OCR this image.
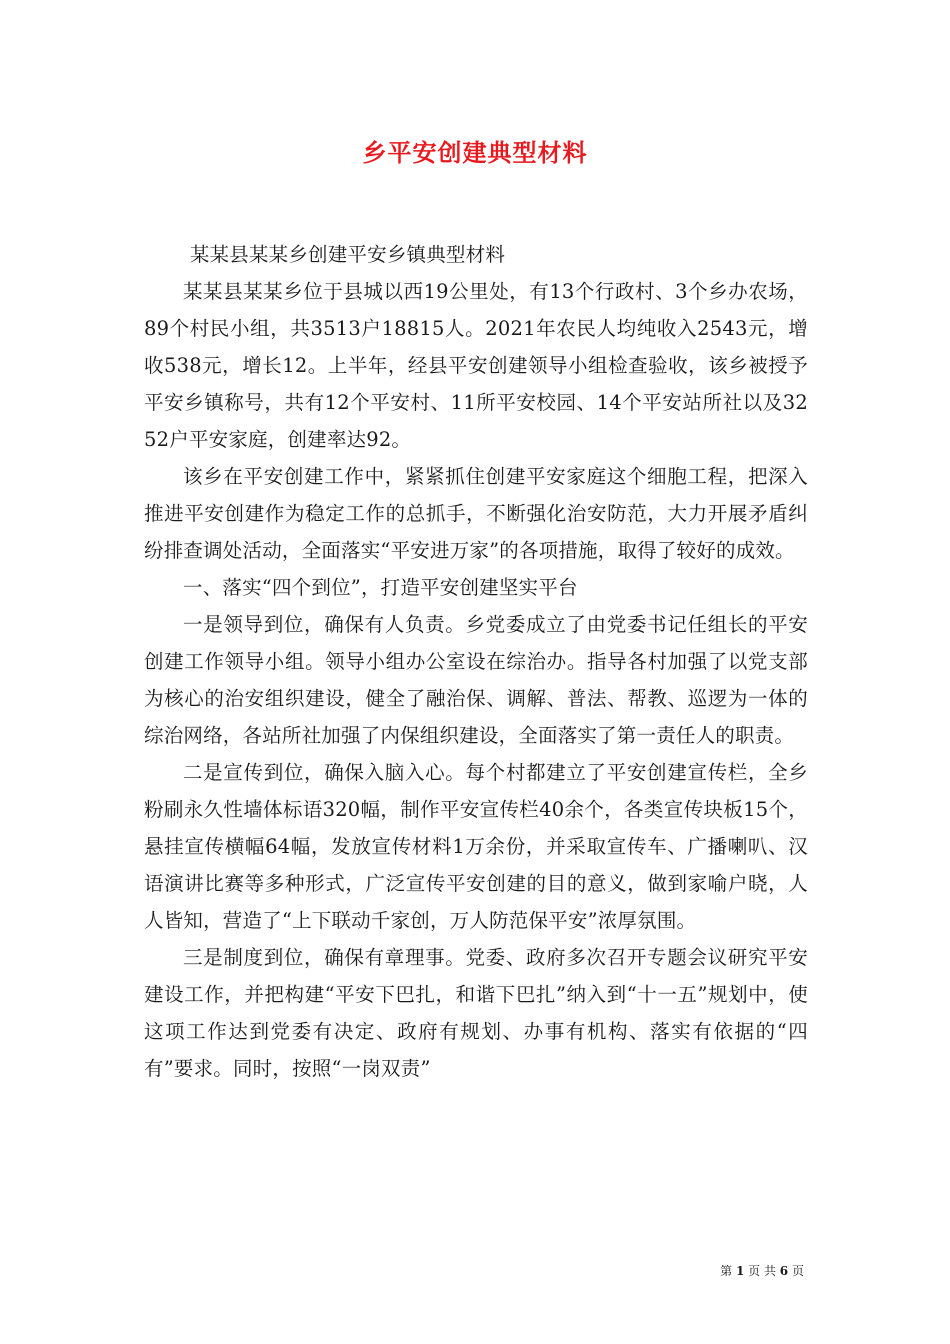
乡平安创建典型材料

某某县某某乡创建平安乡镇典型材料

某某县某某乡位于县城以西19公里处，有13个行政村、3个乡办农场，89个村民小组，共3513户18815人。2021年农民人均纯收入2543元，增收538元，增长12。上半年，经县平安创建领导小组检查验收，该乡被授予平安乡镇称号，共有12个平安村、11所平安校园、14个平安站所社以及3252户平安家庭，创建率达92。

该乡在平安创建工作中，紧紧抓住创建平安家庭这个细胞工程，把深入推进平安创建作为稳定工作的总抓手，不断强化治安防范，大力开展矛盾纠纷排查调处活动，全面落实“平安进万家”的各项措施，取得了较好的成效。

一、落实“四个到位”，打造平安创建坚实平台

一是领导到位，确保有人负责。乡党委成立了由党委书记任组长的平安创建工作领导小组。领导小组办公室设在综治办。指导各村加强了以党支部为核心的治安组织建设，健全了融治保、调解、普法、帮教、巡逻为一体的综治网络，各站所社加强了内保组织建设，全面落实了第一责任人的职责。

二是宣传到位，确保入脑入心。每个村都建立了平安创建宣传栏，全乡粉刷永久性墙体标语320幅，制作平安宣传栏40余个，各类宣传块板15个，悬挂宣传横幅64幅，发放宣传材料1万余份，并采取宣传车、广播喇叭、汉语演讲比赛等多种形式，广泛宣传平安创建的目的意义，做到家喻户晓，人人皆知，营造了“上下联动千家创，万人防范保平安”浓厚氛围。

三是制度到位，确保有章理事。党委、政府多次召开专题会议研究平安建设工作，并把构建“平安下巴扎，和谐下巴扎”纳入到“十一五”规划中，使这项工作达到党委有决定、政府有规划、办事有机构、落实有依据的“四有”要求。同时，按照“一岗双责”

第 1 页 共 6 页
